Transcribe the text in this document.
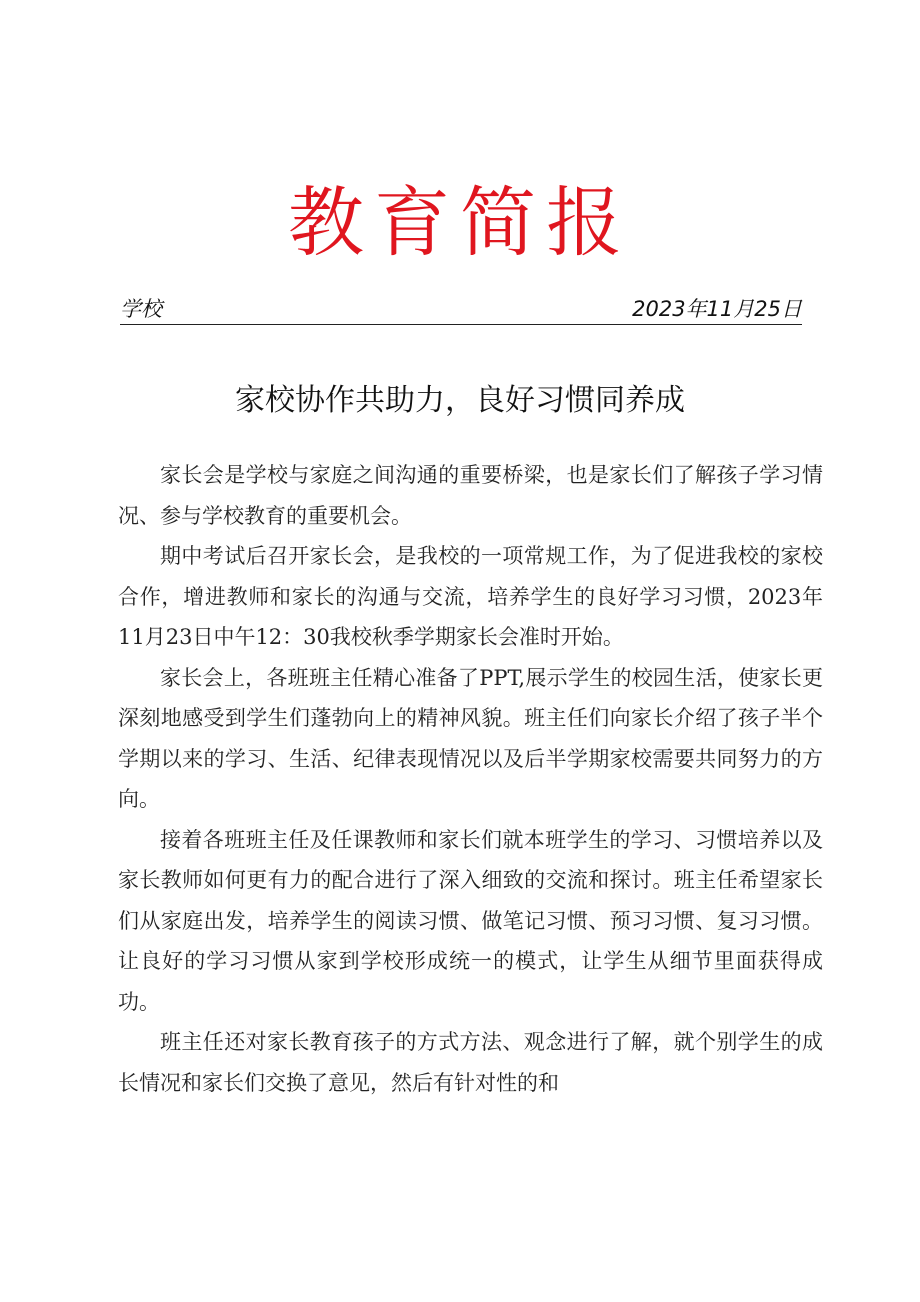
教育简报
学校	2023年11月25日
家校协作共助力，良好习惯同养成

家长会是学校与家庭之间沟通的重要桥梁，也是家长们了解孩子学习情况、参与学校教育的重要机会。

期中考试后召开家长会，是我校的一项常规工作，为了促进我校的家校合作，增进教师和家长的沟通与交流，培养学生的良好学习习惯，2023年11月23日中午12：30我校秋季学期家长会准时开始。

家长会上，各班班主任精心准备了PPT,展示学生的校园生活，使家长更深刻地感受到学生们蓬勃向上的精神风貌。班主任们向家长介绍了孩子半个学期以来的学习、生活、纪律表现情况以及后半学期家校需要共同努力的方向。

接着各班班主任及任课教师和家长们就本班学生的学习、习惯培养以及家长教师如何更有力的配合进行了深入细致的交流和探讨。班主任希望家长们从家庭出发，培养学生的阅读习惯、做笔记习惯、预习习惯、复习习惯。让良好的学习习惯从家到学校形成统一的模式，让学生从细节里面获得成功。

班主任还对家长教育孩子的方式方法、观念进行了解，就个别学生的成长情况和家长们交换了意见，然后有针对性的和
